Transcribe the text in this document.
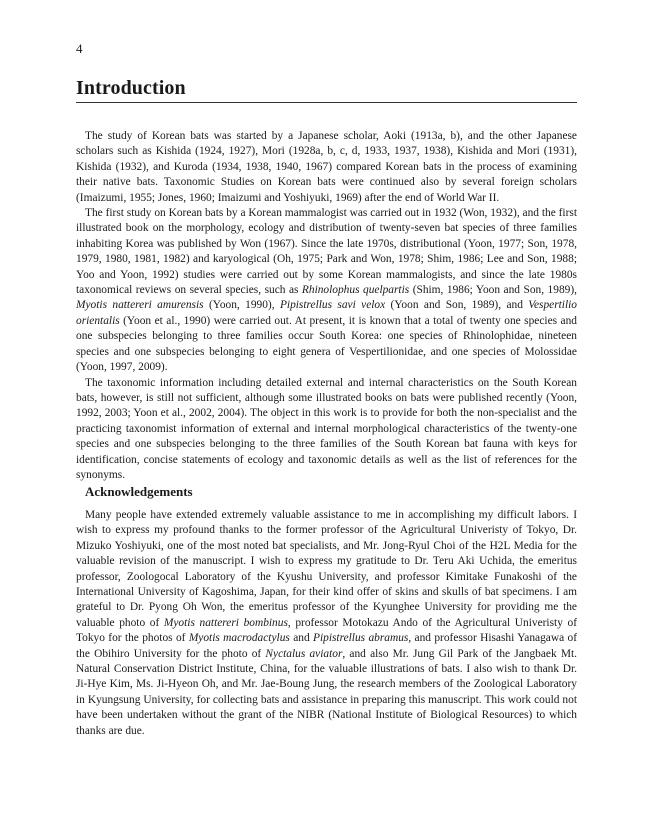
4
Introduction

The study of Korean bats was started by a Japanese scholar, Aoki (1913a, b), and the other Japanese scholars such as Kishida (1924, 1927), Mori (1928a, b, c, d, 1933, 1937, 1938), Kishida and Mori (1931), Kishida (1932), and Kuroda (1934, 1938, 1940, 1967) compared Korean bats in the process of examining their native bats. Taxonomic Studies on Korean bats were continued also by several foreign scholars (Imaizumi, 1955; Jones, 1960; Imaizumi and Yoshiyuki, 1969) after the end of World War II.

The first study on Korean bats by a Korean mammalogist was carried out in 1932 (Won, 1932), and the first illustrated book on the morphology, ecology and distribution of twenty-seven bat species of three families inhabiting Korea was published by Won (1967). Since the late 1970s, distributional (Yoon, 1977; Son, 1978, 1979, 1980, 1981, 1982) and karyological (Oh, 1975; Park and Won, 1978; Shim, 1986; Lee and Son, 1988; Yoo and Yoon, 1992) studies were carried out by some Korean mammalogists, and since the late 1980s taxonomical reviews on several species, such as Rhinolophus quelpartis (Shim, 1986; Yoon and Son, 1989), Myotis nattereri amurensis (Yoon, 1990), Pipistrellus savi velox (Yoon and Son, 1989), and Vespertilio orientalis (Yoon et al., 1990) were carried out. At present, it is known that a total of twenty one species and one subspecies belonging to three families occur South Korea: one species of Rhinolophidae, nineteen species and one subspecies belonging to eight genera of Vespertilionidae, and one species of Molossidae (Yoon, 1997, 2009).

The taxonomic information including detailed external and internal characteristics on the South Korean bats, however, is still not sufficient, although some illustrated books on bats were published recently (Yoon, 1992, 2003; Yoon et al., 2002, 2004). The object in this work is to provide for both the non-specialist and the practicing taxonomist information of external and internal morphological characteristics of the twenty-one species and one subspecies belonging to the three families of the South Korean bat fauna with keys for identification, concise statements of ecology and taxonomic details as well as the list of references for the synonyms.

Acknowledgements

Many people have extended extremely valuable assistance to me in accomplishing my difficult labors. I wish to express my profound thanks to the former professor of the Agricultural Univeristy of Tokyo, Dr. Mizuko Yoshiyuki, one of the most noted bat specialists, and Mr. Jong-Ryul Choi of the H2L Media for the valuable revision of the manuscript. I wish to express my gratitude to Dr. Teru Aki Uchida, the emeritus professor, Zoologocal Laboratory of the Kyushu University, and professor Kimitake Funakoshi of the International University of Kagoshima, Japan, for their kind offer of skins and skulls of bat specimens. I am grateful to Dr. Pyong Oh Won, the emeritus professor of the Kyunghee University for providing me the valuable photo of Myotis nattereri bombinus, professor Motokazu Ando of the Agricultural Univeristy of Tokyo for the photos of Myotis macrodactylus and Pipistrellus abramus, and professor Hisashi Yanagawa of the Obihiro University for the photo of Nyctalus aviator, and also Mr. Jung Gil Park of the Jangbaek Mt. Natural Conservation District Institute, China, for the valuable illustrations of bats. I also wish to thank Dr. Ji-Hye Kim, Ms. Ji-Hyeon Oh, and Mr. Jae-Boung Jung, the research members of the Zoological Laboratory in Kyungsung University, for collecting bats and assistance in preparing this manuscript. This work could not have been undertaken without the grant of the NIBR (National Institute of Biological Resources) to which thanks are due.
